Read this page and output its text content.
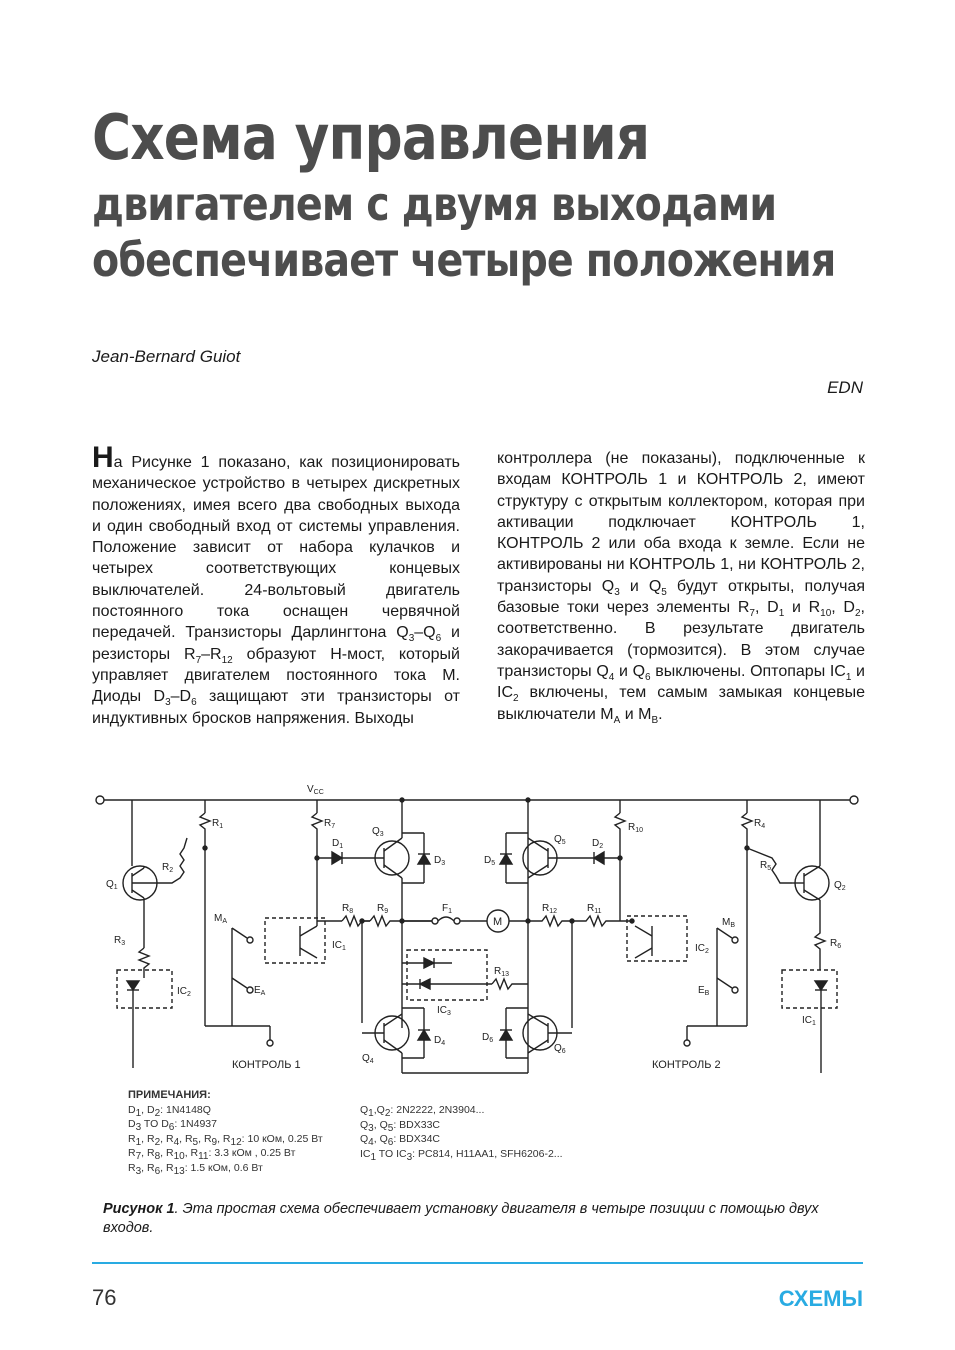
Схема управления
двигателем с двумя выходами
обеспечивает четыре положения
Jean-Bernard Guiot
EDN

На Рисунке 1 показано, как позиционировать механическое устройство в четырех дискретных положениях, имея всего два свободных выхода и один свободный вход от системы управления. Положение зависит от набора кулачков и четырех соответствующих концевых выключателей. 24-вольтовый двигатель постоянного тока оснащен червячной передачей. Транзисторы Дарлингтона $Q_3-Q_6$ и резисторы $R_7-R_{12}$ образуют H-мост, который управляет двигателем постоянного тока M. Диоды $D_3-D_6$ защищают эти транзисторы от индуктивных бросков напряжения. Выходы

контроллера (не показаны), подключенные к входам КОНТРОЛЬ 1 и КОНТРОЛЬ 2, имеют структуру с открытым коллектором, которая при активации подключает КОНТРОЛЬ 1, КОНТРОЛЬ 2 или оба входа к земле. Если не активированы ни КОНТРОЛЬ 1, ни КОНТРОЛЬ 2, транзисторы $Q_3$ и $Q_5$ будут открыты, получая базовые токи через элементы $R_7$, $D_1$ и $R_{10}$, $D_2$, соответственно. В результате двигатель закорачивается (тормозится). В этом случае транзисторы $Q_4$ и $Q_6$ выключены. Оптопары $IC_1$ и $IC_2$ включены, тем самым замыкая концевые выключатели $M_A$ и $M_B$.

$V_{CC}$
$Q_1$
$R_2$
$R_1$
$R_3$
$IC_2$
$M_A$
$E_A$
КОНТРОЛЬ 1
$IC_1$
$R_7$
$D_1$
$Q_3$
$D_3$
$R_8$ $R_9$	$F_1$
M
$IC_3$
$R_{13}$
$Q_4$
$D_4$
$Q_5$
$D_5$
$D_2$
$R_{10}$
$R_{12}$	$R_{11}$
$IC_2$
$Q_6$
$D_6$
$M_B$
$E_B$
КОНТРОЛЬ 2
$R_4$
$R_5$
$Q_2$
$R_6$
$IC_1$
ПРИМЕЧАНИЯ:
$D_1$, $D_2$: 1N4148Q
$D_3$ TO $D_6$: 1N4937
$R_1$, $R_2$, $R_4$, $R_5$, $R_9$, $R_{12}$: 10 кОм, 0.25 Вт
$R_7$, $R_8$, $R_{10}$, $R_{11}$: 3.3 кОм , 0.25 Вт
$R_3$, $R_6$, $R_{13}$: 1.5 кОм, 0.6 Вт
$Q_1,Q_2$: 2N2222, 2N3904...
$Q_3$, $Q_5$: BDX33C
$Q_4$, $Q_6$: BDX34C
$IC_1$ TO $IC_3$: PC814, H11AA1, SFH6206-2...
Рисунок 1. Эта простая схема обеспечивает установку двигателя в четыре позиции с помощью двух входов.
76	СХЕМЫ
